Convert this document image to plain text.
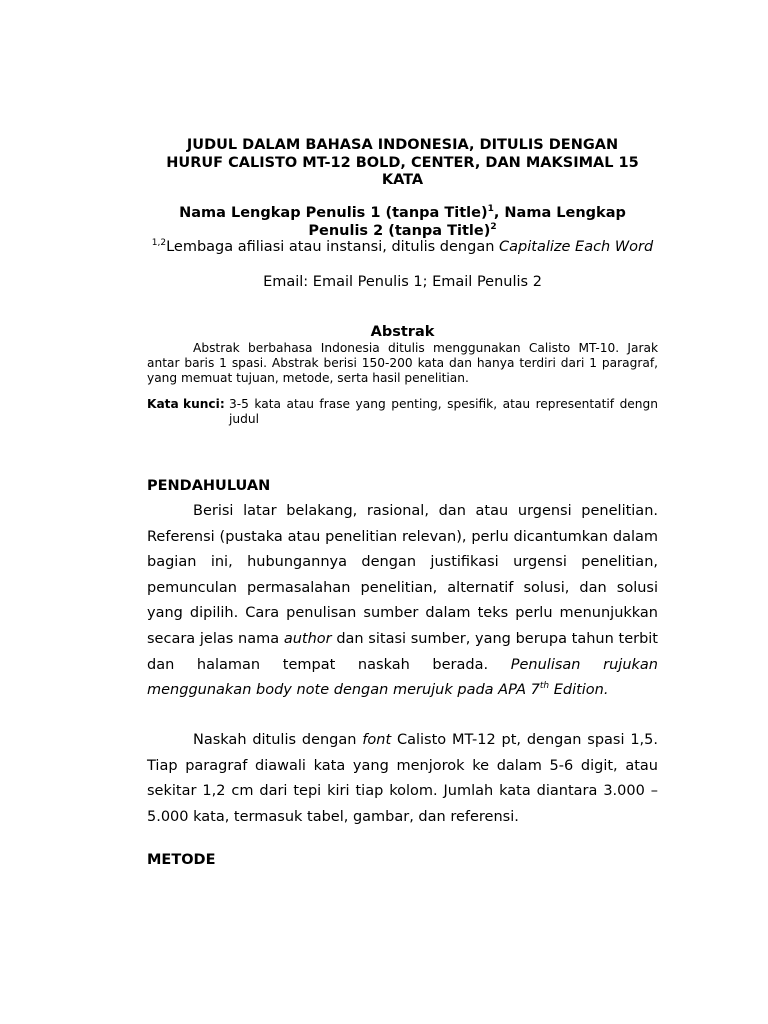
JUDUL DALAM BAHASA INDONESIA, DITULIS DENGAN
HURUF CALISTO MT-12 BOLD, CENTER, DAN MAKSIMAL 15
KATA
Nama Lengkap Penulis 1 (tanpa Title)$^1$, Nama Lengkap
Penulis 2 (tanpa Title)$^2$
$^{1,2}$Lembaga afiliasi atau instansi, ditulis dengan Capitalize Each Word
Email: Email Penulis 1; Email Penulis 2
Abstrak
Abstrak berbahasa Indonesia ditulis menggunakan Calisto MT-10. Jarak antar baris 1 spasi. Abstrak berisi 150-200 kata dan hanya terdiri dari 1 paragraf, yang memuat tujuan, metode, serta hasil penelitian.
Kata kunci: 3-5 kata atau frase yang penting, spesifik, atau representatif dengn judul
PENDAHULUAN
Berisi latar belakang, rasional, dan atau urgensi penelitian. Referensi (pustaka atau penelitian relevan), perlu dicantumkan dalam bagian ini, hubungannya dengan justifikasi urgensi penelitian, pemunculan permasalahan penelitian, alternatif solusi, dan solusi yang dipilih. Cara penulisan sumber dalam teks perlu menunjukkan secara jelas nama author dan sitasi sumber, yang berupa tahun terbit dan halaman tempat naskah berada. Penulisan rujukan menggunakan body note dengan merujuk pada APA 7th Edition.
Naskah ditulis dengan font Calisto MT-12 pt, dengan spasi 1,5. Tiap paragraf diawali kata yang menjorok ke dalam 5-6 digit, atau sekitar 1,2 cm dari tepi kiri tiap kolom. Jumlah kata diantara 3.000 – 5.000 kata, termasuk tabel, gambar, dan referensi.
METODE
